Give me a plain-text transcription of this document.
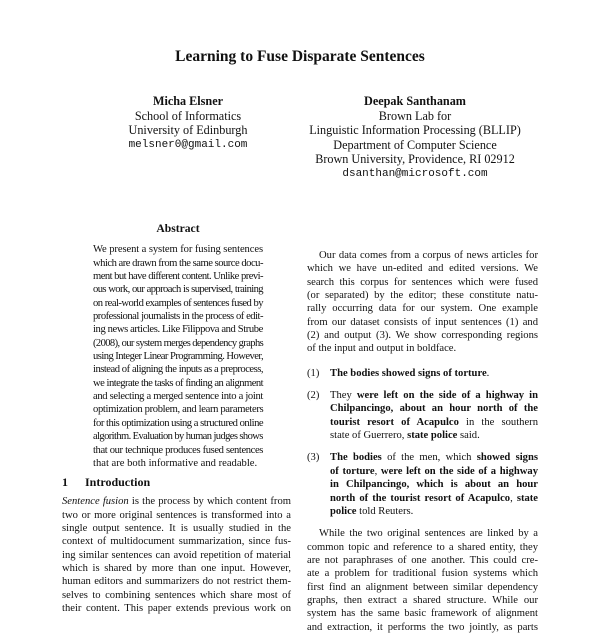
Learning to Fuse Disparate Sentences
Micha Elsner
School of Informatics
University of Edinburgh
melsner0@gmail.com
Deepak Santhanam
Brown Lab for
Linguistic Information Processing (BLLIP)
Department of Computer Science
Brown University, Providence, RI 02912
dsanthan@microsoft.com
Abstract
We present a system for fusing sentences
which are drawn from the same source docu-
ment but have different content. Unlike previ-
ous work, our approach is supervised, training
on real-world examples of sentences fused by
professional journalists in the process of edit-
ing news articles. Like Filippova and Strube
(2008), our system merges dependency graphs
using Integer Linear Programming. However,
instead of aligning the inputs as a preprocess,
we integrate the tasks of finding an alignment
and selecting a merged sentence into a joint
optimization problem, and learn parameters
for this optimization using a structured online
algorithm. Evaluation by human judges shows
that our technique produces fused sentences
that are both informative and readable.
1 Introduction
Sentence fusion is the process by which content from
two or more original sentences is transformed into a
single output sentence. It is usually studied in the
context of multidocument summarization, since fus-
ing similar sentences can avoid repetition of material
which is shared by more than one input. However,
human editors and summarizers do not restrict them-
selves to combining sentences which share most of
their content. This paper extends previous work on
Our data comes from a corpus of news articles for
which we have un-edited and edited versions. We
search this corpus for sentences which were fused
(or separated) by the editor; these constitute natu-
rally occurring data for our system. One example
from our dataset consists of input sentences (1) and
(2) and output (3). We show corresponding regions
of the input and output in boldface.
(1)	The bodies showed signs of torture.
(2)	They were left on the side of a highway in
Chilpancingo, about an hour north of the
tourist resort of Acapulco in the southern
state of Guerrero, state police said.
(3)	The bodies of the men, which showed signs
of torture, were left on the side of a highway
in Chilpancingo, which is about an hour
north of the tourist resort of Acapulco, state
police told Reuters.
While the two original sentences are linked by a
common topic and reference to a shared entity, they
are not paraphrases of one another. This could cre-
ate a problem for traditional fusion systems which
first find an alignment between similar dependency
graphs, then extract a shared structure. While our
system has the same basic framework of alignment
and extraction, it performs the two jointly, as parts
